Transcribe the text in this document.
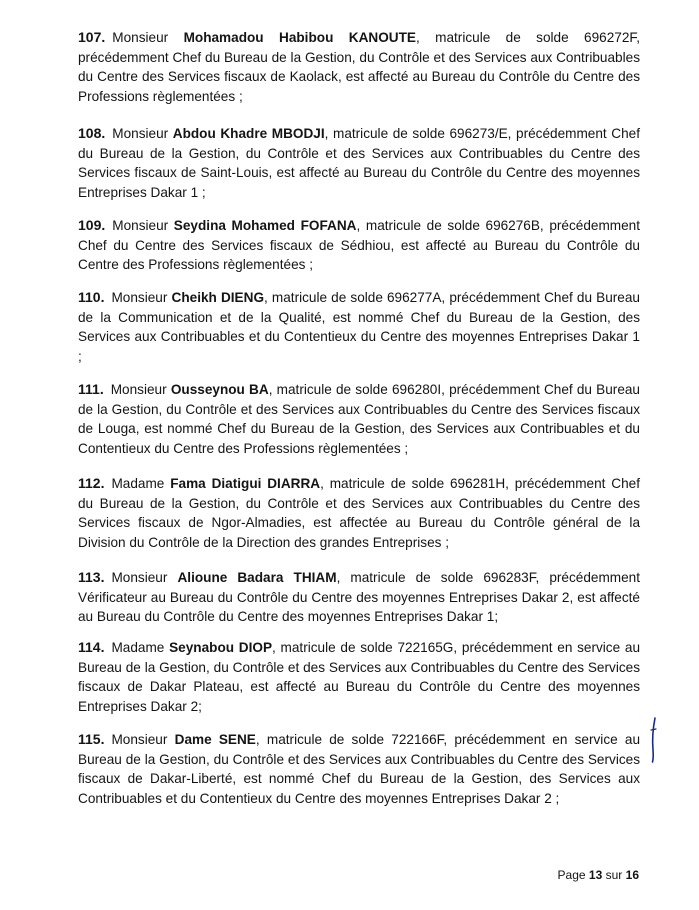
107. Monsieur Mohamadou Habibou KANOUTE, matricule de solde 696272F, précédemment Chef du Bureau de la Gestion, du Contrôle et des Services aux Contribuables du Centre des Services fiscaux de Kaolack, est affecté au Bureau du Contrôle du Centre des Professions règlementées ;
108. Monsieur Abdou Khadre MBODJI, matricule de solde 696273/E, précédemment Chef du Bureau de la Gestion, du Contrôle et des Services aux Contribuables du Centre des Services fiscaux de Saint-Louis, est affecté au Bureau du Contrôle du Centre des moyennes Entreprises Dakar 1 ;
109. Monsieur Seydina Mohamed FOFANA, matricule de solde 696276B, précédemment Chef du Centre des Services fiscaux de Sédhiou, est affecté au Bureau du Contrôle du Centre des Professions règlementées ;
110. Monsieur Cheikh DIENG, matricule de solde 696277A, précédemment Chef du Bureau de la Communication et de la Qualité, est nommé Chef du Bureau de la Gestion, des Services aux Contribuables et du Contentieux du Centre des moyennes Entreprises Dakar 1 ;
111. Monsieur Ousseynou BA, matricule de solde 696280I, précédemment Chef du Bureau de la Gestion, du Contrôle et des Services aux Contribuables du Centre des Services fiscaux de Louga, est nommé Chef du Bureau de la Gestion, des Services aux Contribuables et du Contentieux du Centre des Professions règlementées ;
112. Madame Fama Diatigui DIARRA, matricule de solde 696281H, précédemment Chef du Bureau de la Gestion, du Contrôle et des Services aux Contribuables du Centre des Services fiscaux de Ngor-Almadies, est affectée au Bureau du Contrôle général de la Division du Contrôle de la Direction des grandes Entreprises ;
113. Monsieur Alioune Badara THIAM, matricule de solde 696283F, précédemment Vérificateur au Bureau du Contrôle du Centre des moyennes Entreprises Dakar 2, est affecté au Bureau du Contrôle du Centre des moyennes Entreprises Dakar 1;
114. Madame Seynabou DIOP, matricule de solde 722165G, précédemment en service au Bureau de la Gestion, du Contrôle et des Services aux Contribuables du Centre des Services fiscaux de Dakar Plateau, est affecté au Bureau du Contrôle du Centre des moyennes Entreprises Dakar 2;
115. Monsieur Dame SENE, matricule de solde 722166F, précédemment en service au Bureau de la Gestion, du Contrôle et des Services aux Contribuables du Centre des Services fiscaux de Dakar-Liberté, est nommé Chef du Bureau de la Gestion, des Services aux Contribuables et du Contentieux du Centre des moyennes Entreprises Dakar 2 ;
Page 13 sur 16
